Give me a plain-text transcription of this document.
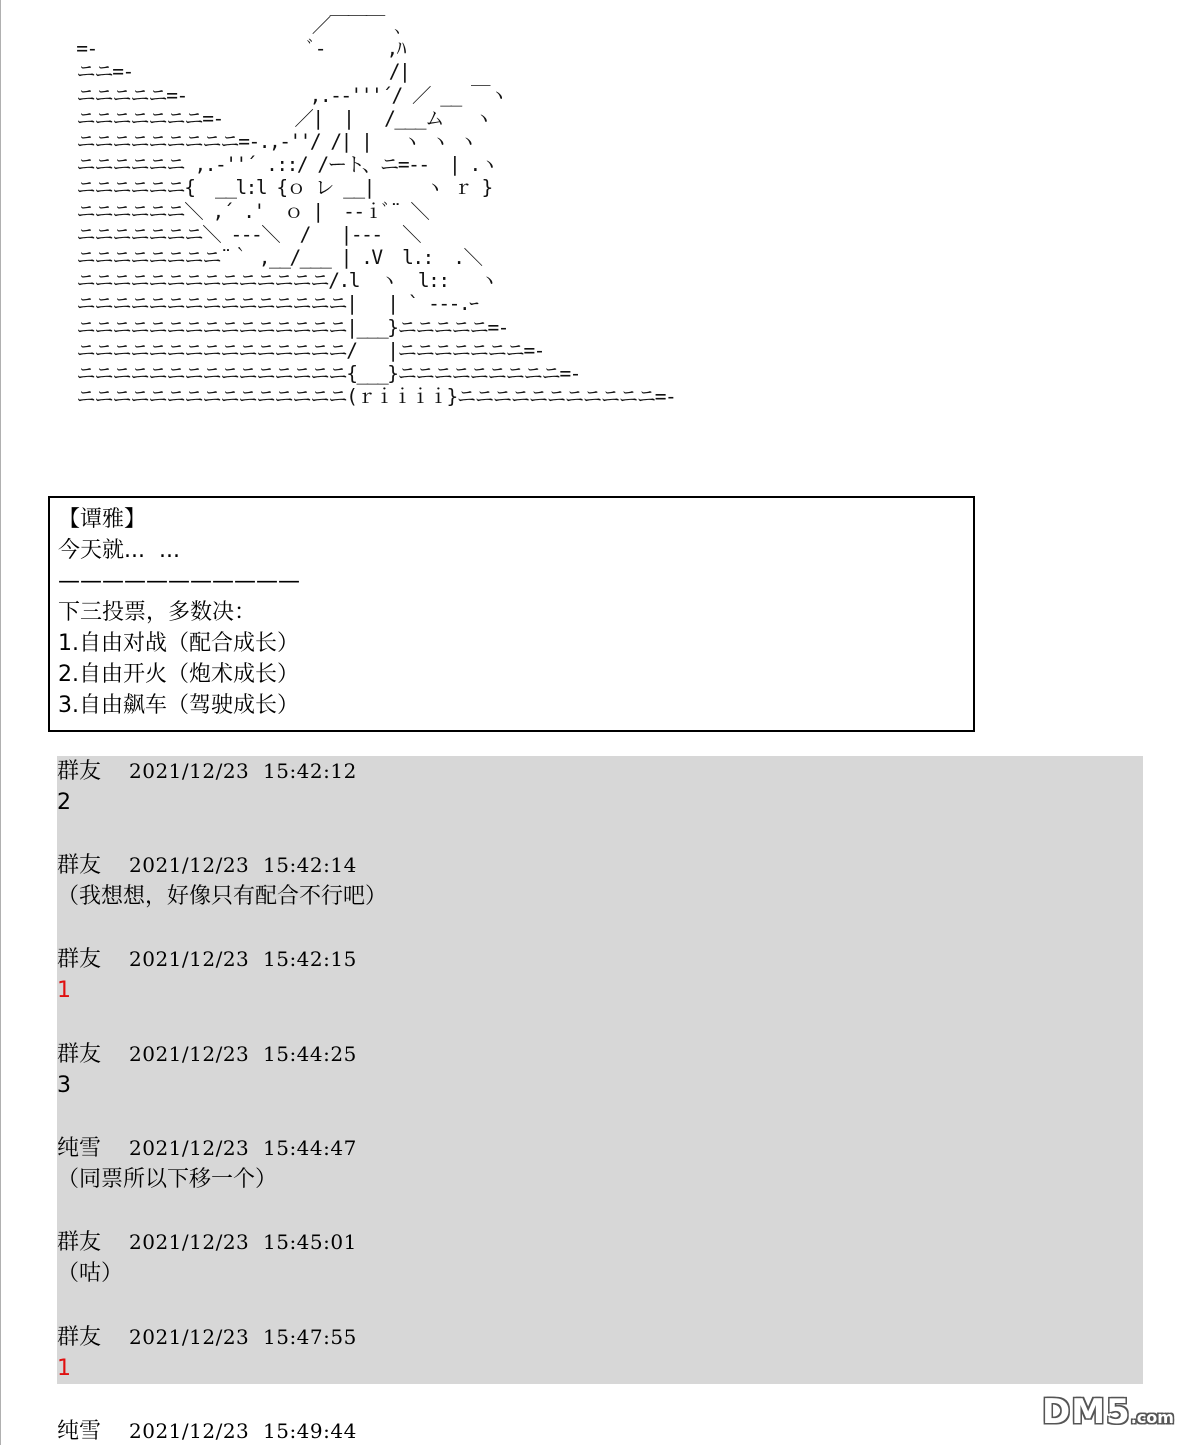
／￣￣￣ ､
=-                     ﾞ-      ,ﾊ
ニニ=-                         /|
ニニニニニ=-            ,.-‐'''´/ ／ __ ￣ヽ
ニニニニニニニ=-       ／|  |   /___ム   ヽ
ニニニニニニニニニ=-.,-''/ /| |   ヽ ヽ ヽ
ニニニニニニ ,.-''´ .::/ /ート、ニ=--  | .ヽ
ニニニニニニ{  __l:l {ｏ レ __|     ヽ ｒ }
ニニニニニニ＼ ,´ .'  ｏ |  --ｉﾞ¨ ＼
ニニニニニニニ＼ ---＼  /   |---  ＼
ニニニニニニニニ¨｀ ,__/___ | .V  l.:  .＼
ニニニニニニニニニニニニニニ/.l  ヽ  l::   ヽ
ニニニニニニニニニニニニニニニ|   | ` ---.ｰ
ニニニニニニニニニニニニニニニ|___}ニニニニニ=-
ニニニニニニニニニニニニニニニ/   |ニニニニニニニ=-
ニニニニニニニニニニニニニニニ{___}ニニニニニニニニニ=-
ニニニニニニニニニニニニニニニ(ｒｉｉｉｉ}ニニニニニニニニニニニ=-
【谭雅】
今天就...  ...
———————————
下三投票，多数决：
1.自由对战（配合成长）
2.自由开火（炮术成长）
3.自由飙车（驾驶成长）
群友 2021/12/23  15:42:12
2
群友 2021/12/23  15:42:14
（我想想，好像只有配合不行吧）
群友 2021/12/23  15:42:15
1
群友 2021/12/23  15:44:25
3
纯雪 2021/12/23  15:44:47
（同票所以下移一个）
群友 2021/12/23  15:45:01
（咕）
群友 2021/12/23  15:47:55
1
纯雪 2021/12/23  15:49:44	DM5.com
